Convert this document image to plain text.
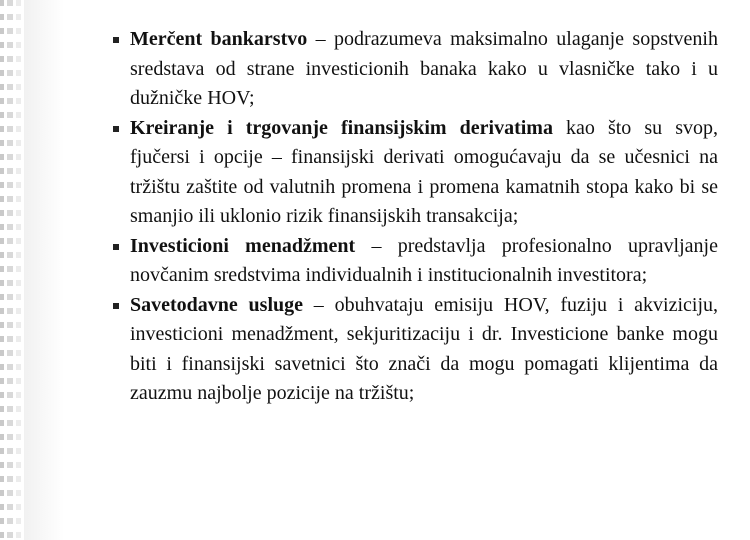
Merčent bankarstvo – podrazumeva maksimalno ulaganje sopstvenih sredstava od strane investicionih banaka kako u vlasničke tako i u dužničke HOV;

Kreiranje i trgovanje finansijskim derivatima kao što su svop, fjučersi i opcije – finansijski derivati omogućavaju da se učesnici na tržištu zaštite od valutnih promena i promena kamatnih stopa kako bi se smanjio ili uklonio rizik finansijskih transakcija;

Investicioni menadžment – predstavlja profesionalno upravljanje novčanim sredstvima individualnih i institucionalnih investitora;

Savetodavne usluge – obuhvataju emisiju HOV, fuziju i akviziciju, investicioni menadžment, sekjuritizaciju i dr. Investicione banke mogu biti i finansijski savetnici što znači da mogu pomagati klijentima da zauzmu najbolje pozicije na tržištu;
